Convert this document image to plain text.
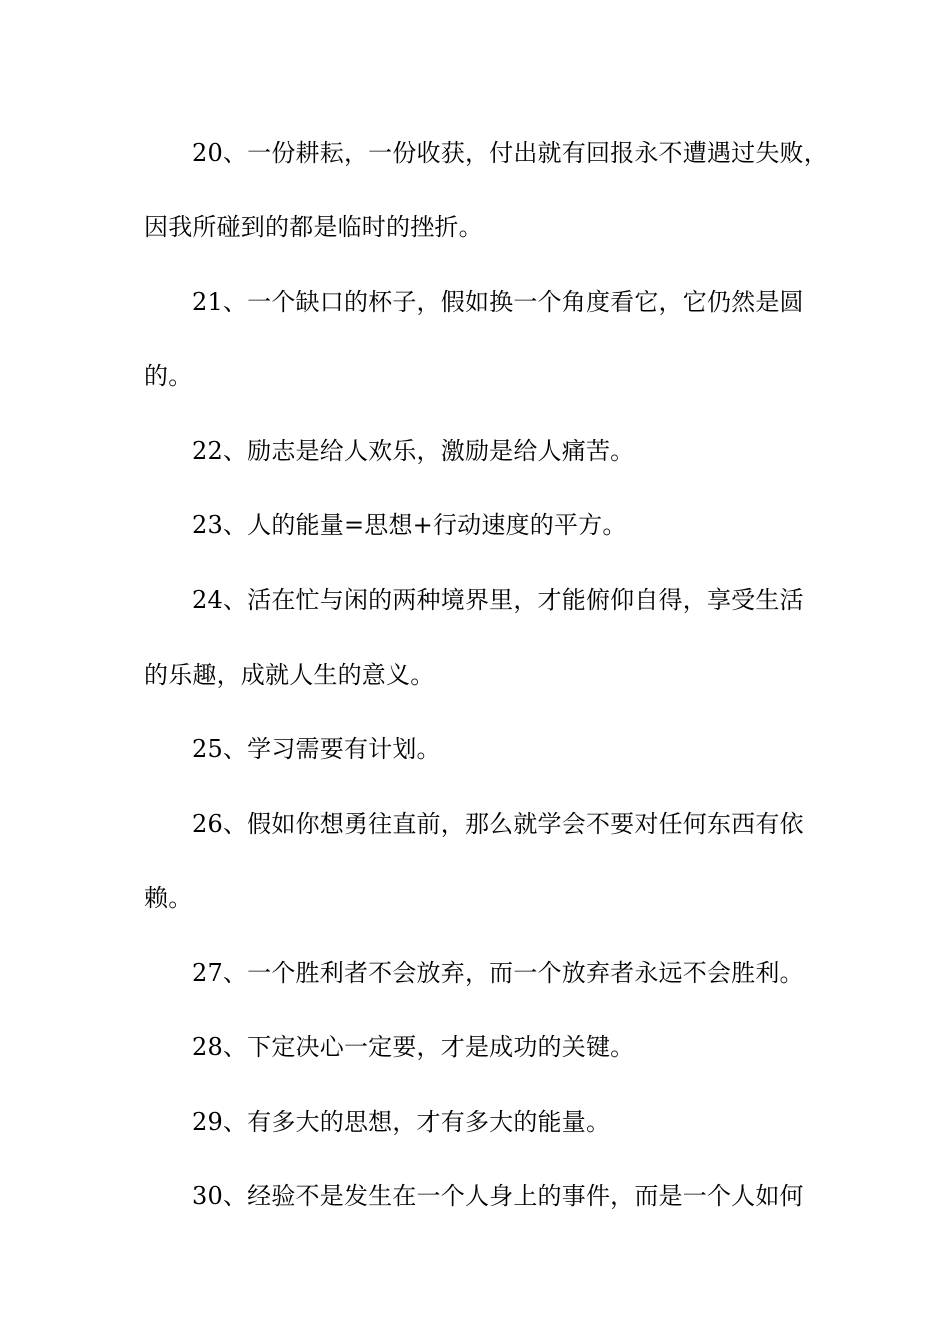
20、一份耕耘，一份收获，付出就有回报永不遭遇过失败，
因我所碰到的都是临时的挫折。
21、一个缺口的杯子，假如换一个角度看它，它仍然是圆
的。
22、励志是给人欢乐，激励是给人痛苦。
23、人的能量=思想+行动速度的平方。
24、活在忙与闲的两种境界里，才能俯仰自得，享受生活
的乐趣，成就人生的意义。
25、学习需要有计划。
26、假如你想勇往直前，那么就学会不要对任何东西有依
赖。
27、一个胜利者不会放弃，而一个放弃者永远不会胜利。
28、下定决心一定要，才是成功的关键。
29、有多大的思想，才有多大的能量。
30、经验不是发生在一个人身上的事件，而是一个人如何
